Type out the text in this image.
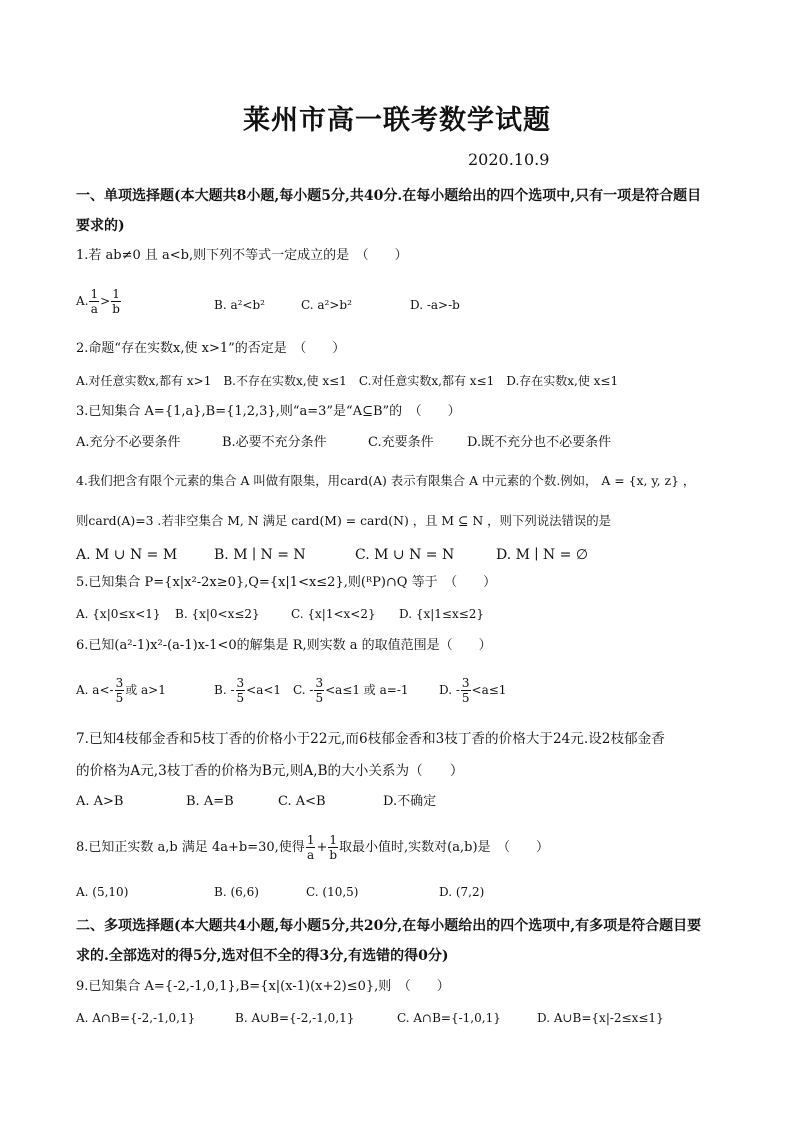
莱州市高一联考数学试题
2020.10.9
一、单项选择题(本大题共8小题,每小题5分,共40分.在每小题给出的四个选项中,只有一项是符合题目
要求的)
1.若 ab≠0 且 a<b,则下列不等式一定成立的是　（　　）
A. $\frac{1}{a} > \frac{1}{b}$	B. a²<b²	C. a²>b²	D. -a>-b
2.命题“存在实数x,使 x>1”的否定是　（　　）
A.对任意实数x,都有 x>1　B.不存在实数x,使 x≤1　C.对任意实数x,都有 x≤1　D.存在实数x,使 x≤1
3.已知集合 A={1,a},B={1,2,3},则“a=3”是“A⊆B”的　（　　）
A.充分不必要条件	B.必要不充分条件	C.充要条件	D.既不充分也不必要条件
4.我们把含有限个元素的集合 A 叫做有限集，用card(A) 表示有限集合 A 中元素的个数.例如， A = {x, y, z} ，
则card(A)=3 .若非空集合 M, N 满足 card(M) = card(N) ，且 M ⊆ N ，则下列说法错误的是
A. M ∪ N = M	B. M ∣ N = N	C. M ∪ N = N	D. M ∣ N = ∅
5.已知集合 P={x|x²-2x≥0},Q={x|1<x≤2},则(ᴿP)∩Q 等于　（　　）
A. {x|0≤x<1} B. {x|0<x≤2}	C. {x|1<x<2} D. {x|1≤x≤2}
6.已知(a²-1)x²-(a-1)x-1<0的解集是 R,则实数 a 的取值范围是（　　）
A. $a<- \frac{3}{5}$ 或 a>1	B. - $\frac{3}{5} <a<1$ C. - $\frac{3}{5} <a\le 1$ 或 a=-1	D. - $\frac{3}{5} <a\le 1$
7.已知4枝郁金香和5枝丁香的价格小于22元,而6枝郁金香和3枝丁香的价格大于24元.设2枝郁金香
的价格为A元,3枝丁香的价格为B元,则A,B的大小关系为（　　）
A. A>B	B. A=B	C. A<B	D.不确定
8.已知正实数 a,b 满足 4a+b=30,使得 $\frac{1}{a} + \frac{1}{b}$ 取最小值时,实数对(a,b)是　（　　）
A. (5,10)	B. (6,6)	C. (10,5)	D. (7,2)
二、多项选择题(本大题共4小题,每小题5分,共20分,在每小题给出的四个选项中,有多项是符合题目要
求的.全部选对的得5分,选对但不全的得3分,有选错的得0分)
9.已知集合 A={-2,-1,0,1},B={x|(x-1)(x+2)≤0},则　（　　）
A. A∩B={-2,-1,0,1}	B. A∪B={-2,-1,0,1}	C. A∩B={-1,0,1}	D. A∪B={x|-2≤x≤1}
